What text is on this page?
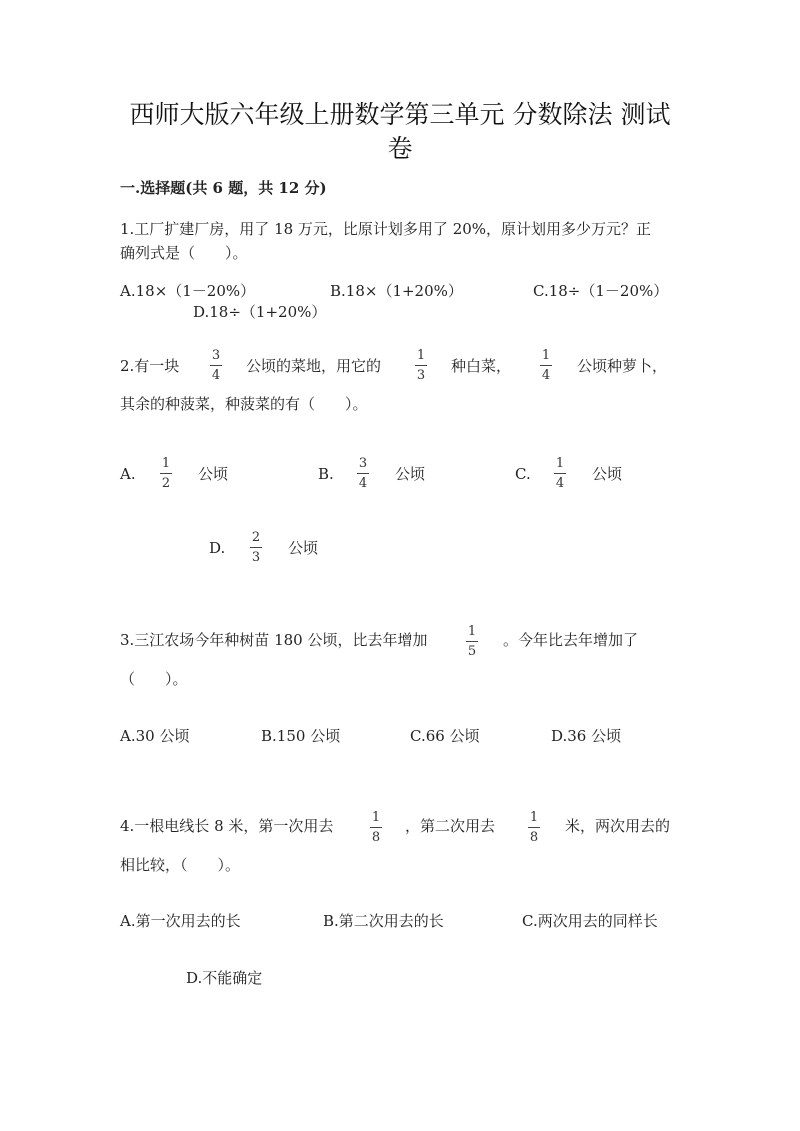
西师大版六年级上册数学第三单元 分数除法 测试
卷
一.选择题(共 6 题，共 12 分)
1.工厂扩建厂房，用了 18 万元，比原计划多用了 20%，原计划用多少万元？正
确列式是（　　）。
A.18×（1－20%）	B.18×（1+20%）	C.18÷（1－20%）
D.18÷（1+20%）
2.有一块
3
4
公顷的菜地，用它的
1
3
种白菜，
1
4
公顷种萝卜，
其余的种菠菜，种菠菜的有（　　）。
A.
1
2
公顷	B.
3
4
公顷	C.
1
4
公顷
D.
2
3
公顷
3.三江农场今年种树苗 180 公顷，比去年增加	1
5
。今年比去年增加了
（　　）。
A.30 公顷	B.150 公顷	C.66 公顷	D.36 公顷
4.一根电线长 8 米，第一次用去	1
8
，第二次用去	1
8
米，两次用去的
相比较，（　　）。
A.第一次用去的长	B.第二次用去的长	C.两次用去的同样长
D.不能确定
